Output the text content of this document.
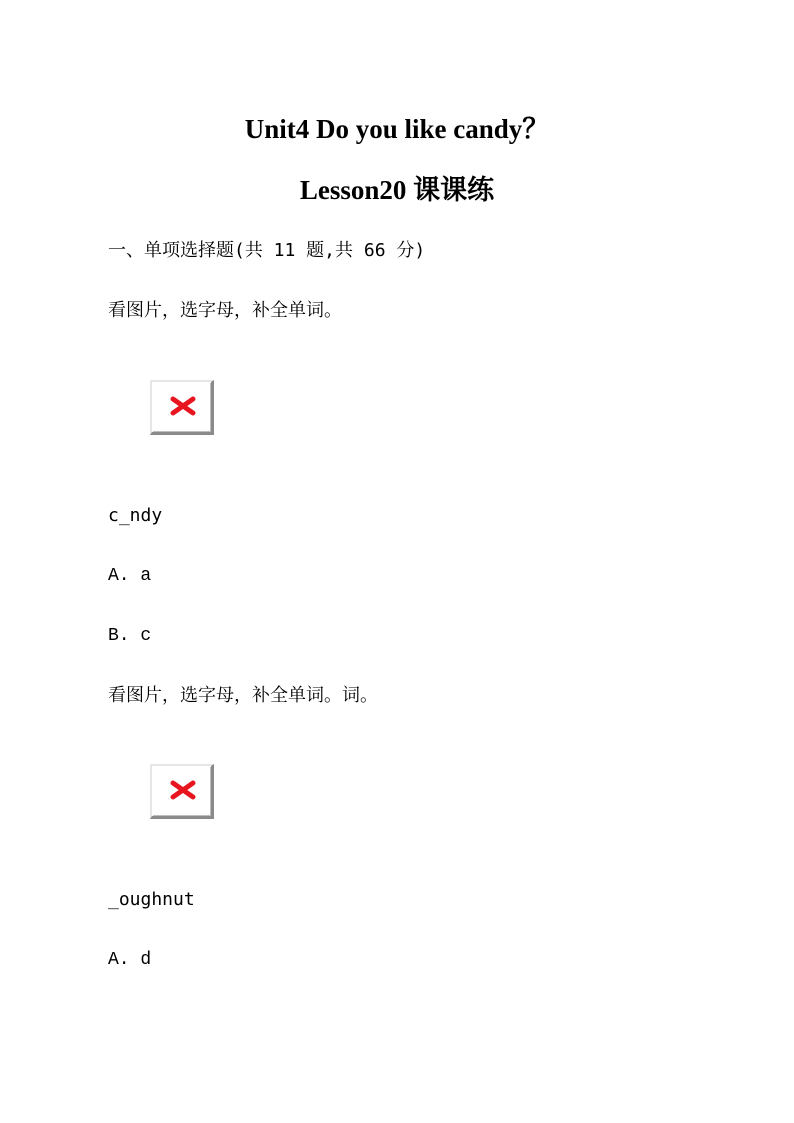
Unit4 Do you like candy？
Lesson20 课课练
一、单项选择题(共 11 题,共 66 分)
看图片，选字母，补全单词。
c_ndy
A. a
B. c
看图片，选字母，补全单词。词。
_oughnut
A. d
